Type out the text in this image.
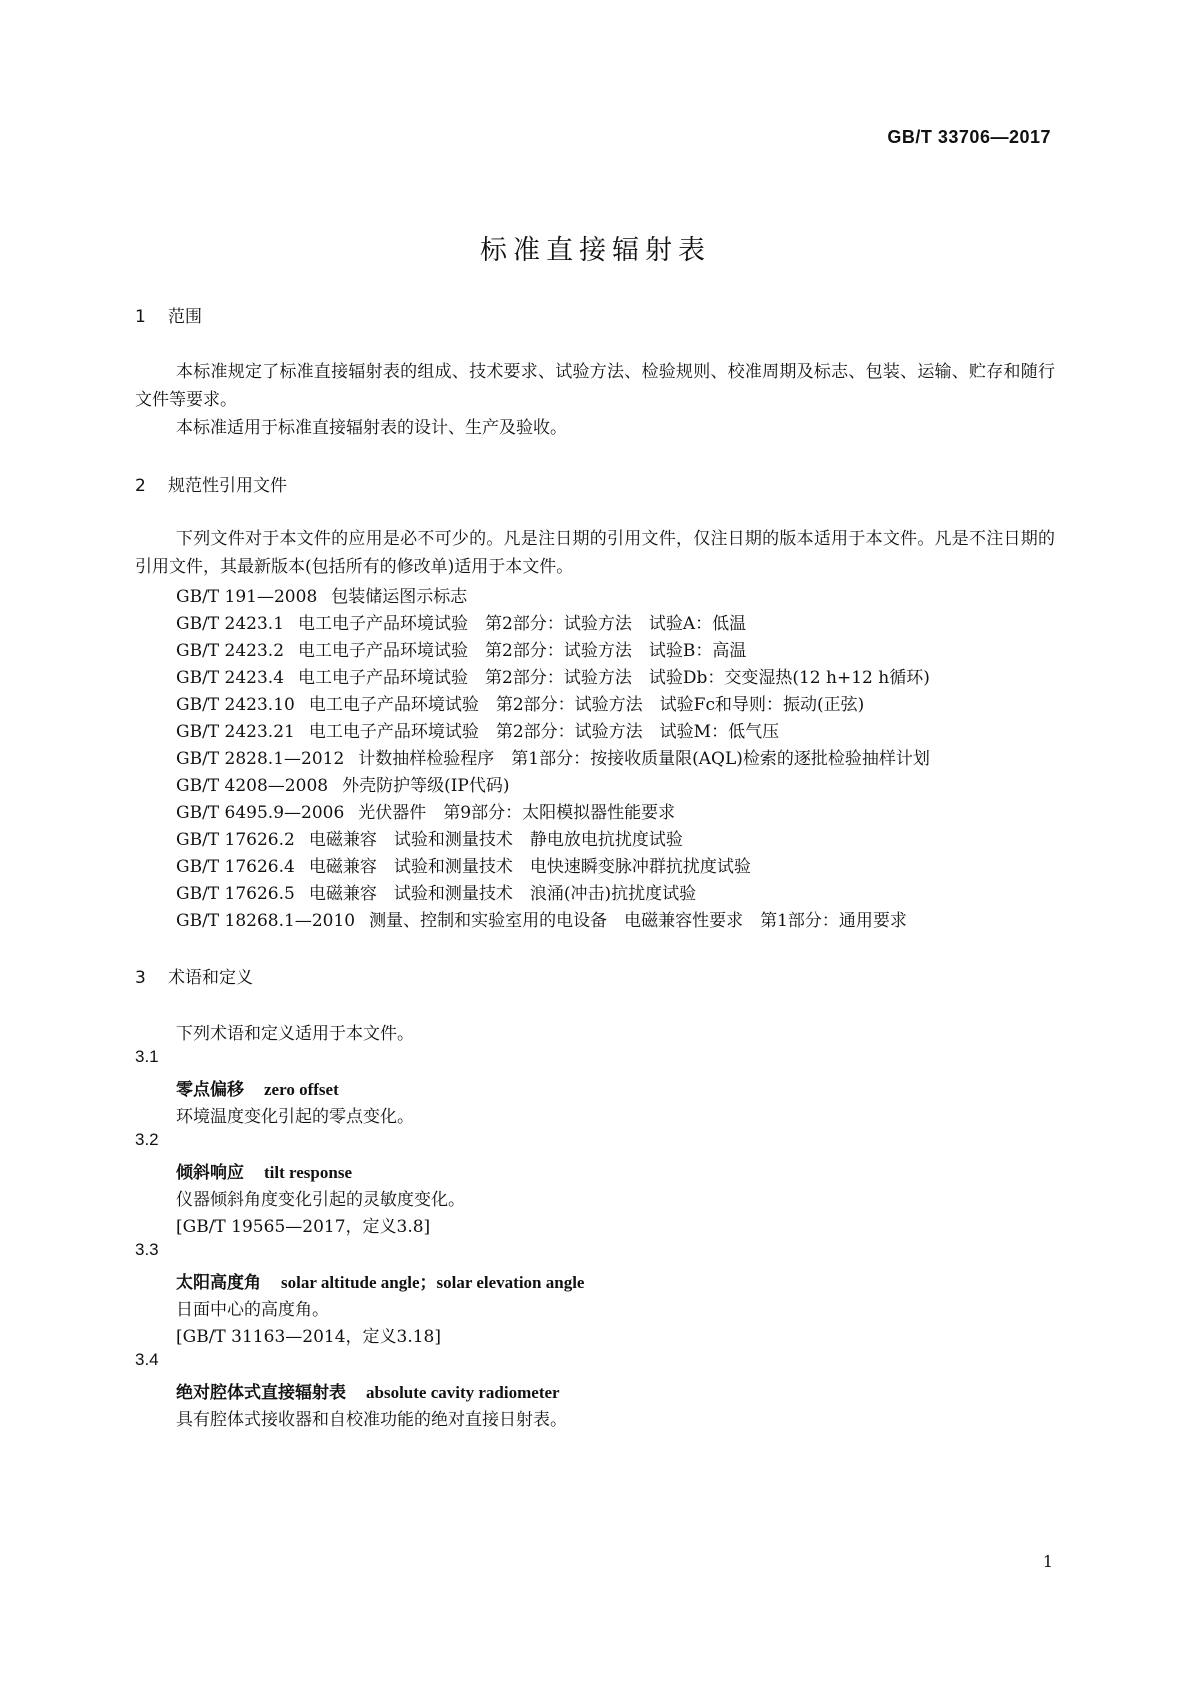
GB/T 33706—2017
标准直接辐射表
1 范围
本标准规定了标准直接辐射表的组成、技术要求、试验方法、检验规则、校准周期及标志、包装、运输、贮存和随行文件等要求。
本标准适用于标准直接辐射表的设计、生产及验收。
2 规范性引用文件
下列文件对于本文件的应用是必不可少的。凡是注日期的引用文件，仅注日期的版本适用于本文件。凡是不注日期的引用文件，其最新版本(包括所有的修改单)适用于本文件。
GB/T 191—2008 包装储运图示标志
GB/T 2423.1 电工电子产品环境试验　第2部分：试验方法　试验A：低温
GB/T 2423.2 电工电子产品环境试验　第2部分：试验方法　试验B：高温
GB/T 2423.4 电工电子产品环境试验　第2部分：试验方法　试验Db：交变湿热(12 h+12 h循环)
GB/T 2423.10 电工电子产品环境试验　第2部分：试验方法　试验Fc和导则：振动(正弦)
GB/T 2423.21 电工电子产品环境试验　第2部分：试验方法　试验M：低气压
GB/T 2828.1—2012 计数抽样检验程序　第1部分：按接收质量限(AQL)检索的逐批检验抽样计划
GB/T 4208—2008 外壳防护等级(IP代码)
GB/T 6495.9—2006 光伏器件　第9部分：太阳模拟器性能要求
GB/T 17626.2 电磁兼容　试验和测量技术　静电放电抗扰度试验
GB/T 17626.4 电磁兼容　试验和测量技术　电快速瞬变脉冲群抗扰度试验
GB/T 17626.5 电磁兼容　试验和测量技术　浪涌(冲击)抗扰度试验
GB/T 18268.1—2010 测量、控制和实验室用的电设备　电磁兼容性要求　第1部分：通用要求
3 术语和定义
下列术语和定义适用于本文件。
3.1
零点偏移 zero offset
环境温度变化引起的零点变化。
3.2
倾斜响应 tilt response
仪器倾斜角度变化引起的灵敏度变化。
[GB/T 19565—2017，定义3.8]
3.3
太阳高度角 solar altitude angle；solar elevation angle
日面中心的高度角。
[GB/T 31163—2014，定义3.18]
3.4
绝对腔体式直接辐射表 absolute cavity radiometer
具有腔体式接收器和自校准功能的绝对直接日射表。
1
